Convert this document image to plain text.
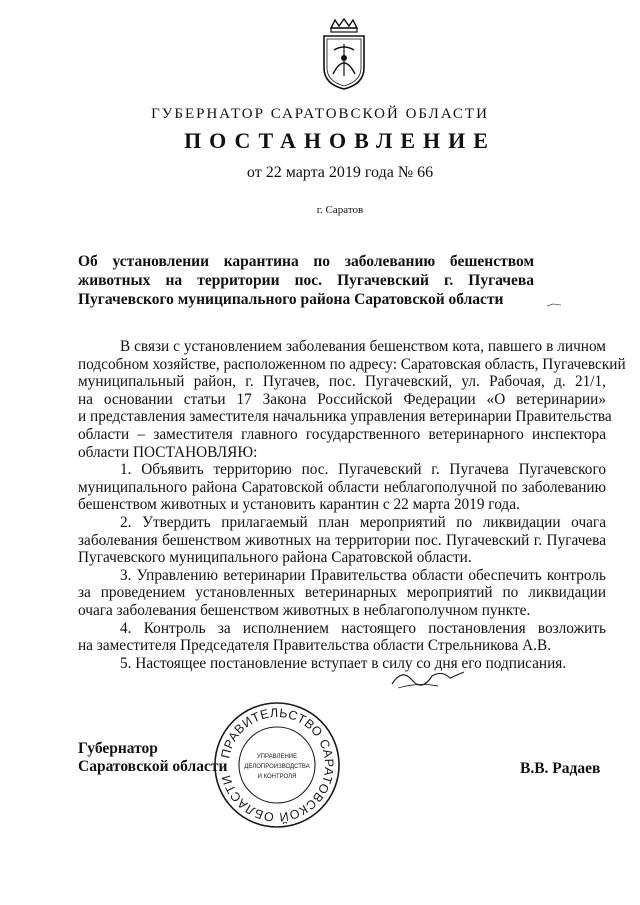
ГУБЕРНАТОР САРАТОВСКОЙ ОБЛАСТИ
ПОСТАНОВЛЕНИЕ
от 22 марта 2019 года № 66
г. Саратов
Об установлении карантина по заболеванию бешенством
животных на территории пос. Пугачевский г. Пугачева
Пугачевского муниципального района Саратовской области
В связи с установлением заболевания бешенством кота, павшего в личном
подсобном хозяйстве, расположенном по адресу: Саратовская область, Пугачевский
муниципальный район, г. Пугачев, пос. Пугачевский, ул. Рабочая, д. 21/1,
на основании статьи 17 Закона Российской Федерации «О ветеринарии»
и представления заместителя начальника управления ветеринарии Правительства
области – заместителя главного государственного ветеринарного инспектора
области ПОСТАНОВЛЯЮ:
1. Объявить территорию пос. Пугачевский г. Пугачева Пугачевского
муниципального района Саратовской области неблагополучной по заболеванию
бешенством животных и установить карантин с 22 марта 2019 года.
2. Утвердить прилагаемый план мероприятий по ликвидации очага
заболевания бешенством животных на территории пос. Пугачевский г. Пугачева
Пугачевского муниципального района Саратовской области.
3. Управлению ветеринарии Правительства области обеспечить контроль
за проведением установленных ветеринарных мероприятий по ликвидации
очага заболевания бешенством животных в неблагополучном пункте.
4. Контроль за исполнением настоящего постановления возложить
на заместителя Председателя Правительства области Стрельникова А.В.
5. Настоящее постановление вступает в силу со дня его подписания.
Губернатор
Саратовской области
ПРАВИТЕЛЬСТВО САРАТОВСКОЙ ОБЛАСТИ
УПРАВЛЕНИЕ
ДЕЛОПРОИЗВОДСТВА
И КОНТРОЛЯ	В.В. Радаев
